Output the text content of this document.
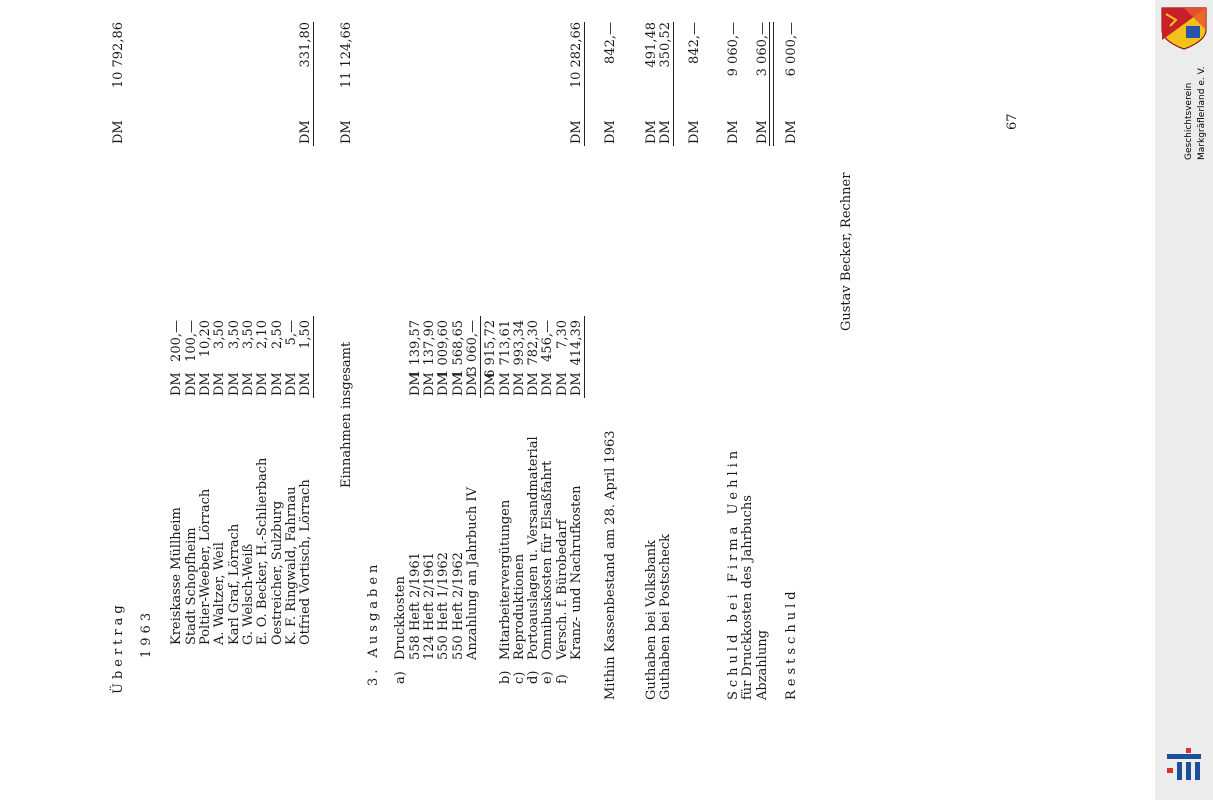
Übertrag
DM
10 792,86
1963 Kreiskasse Müllheim
DM
200,—
Stadt Schopfheim
DM
100,—
Poltier-Weeber, Lörrach
DM
10,20
A. Waltzer, Weil
DM
3,50
Karl Graf, Lörrach
DM
3,50
G. Welsch-Weiß
DM
3,50
E. O. Becker, H.-Schlierbach
DM
2,10
Oestreicher, Sulzburg
DM
2,50
K. F. Ringwald, Fahrnau
DM
5,—
Otfried Vortisch, Lörrach
DM
1,50
DM
331,80
Einnahmen insgesamt
DM
11 124,66
3. Ausgaben a)
Druckkosten 558 Heft 2/1961
DM
1 139,57
124 Heft 2/1961
DM
137,90
550 Heft 1/1962
DM
1 009,60
550 Heft 2/1962
DM
1 568,65
Anzahlung an Jahrbuch IV
DM
3 060,—
DM
6 915,72
b)
Mitarbeitervergütungen
DM
713,61
c)
Reproduktionen
DM
993,34
d)
Portoauslagen u. Versandmaterial
DM
782,30
e)
Omnibuskosten für Elsaßfahrt
DM
456,—
f)
Versch. f. Bürobedarf
DM
7,30
Kranz- und Nachrufkosten
DM
414,39
DM
10 282,66
Mithin Kassenbestand am 28. April 1963
DM
842,—
Guthaben bei Volksbank
DM
491,48
Guthaben bei Postscheck
DM
350,52
DM
842,—
Schuld bei Firma Uehlin für Druckkosten des Jahrbuchs
DM
9 060,—
Abzahlung
DM
3 060,—
Restschuld
DM
6 000,—
Gustav Becker, Rechner
67	Geschichtsverein Markgräflerland e. V.
